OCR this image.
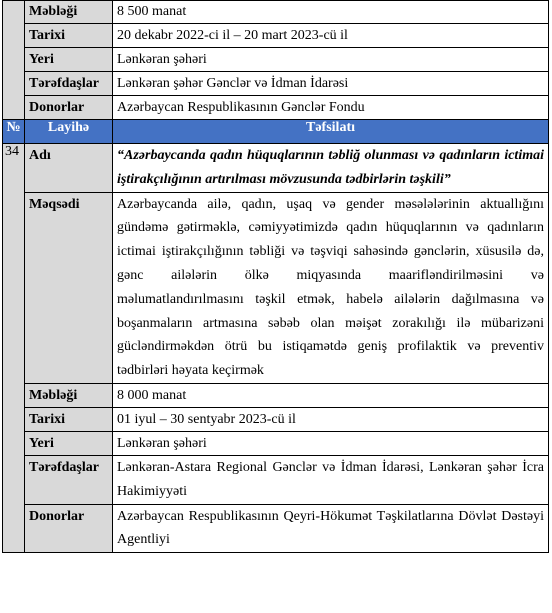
	Məbləği	8 500 manat
	Tarixi	20 dekabr 2022-ci il – 20 mart 2023-cü il
	Yeri	Lənkəran şəhəri
	Tərəfdaşlar	Lənkəran şəhər Gənclər və İdman İdarəsi
	Donorlar	Azərbaycan Respublikasının Gənclər Fondu
№	Layihə	Təfsilatı
34	Adı	“Azərbaycanda qadın hüquqlarının təbliğ olunması və qadınların ictimai iştirakçılığının artırılması mövzusunda tədbirlərin təşkili”
	Məqsədi	Azərbaycanda ailə, qadın, uşaq və gender məsələlərinin aktuallığını gündəmə gətirməklə, cəmiyyətimizdə qadın hüquqlarının və qadınların ictimai iştirakçılığının təbliği və təşviqi sahəsində gənclərin, xüsusilə də, gənc ailələrin ölkə miqyasında maarifləndirilməsini və məlumatlandırılmasını təşkil etmək, habelə ailələrin dağılmasına və boşanmaların artmasına səbəb olan məişət zorakılığı ilə mübarizəni gücləndirməkdən ötrü bu istiqamətdə geniş profilaktik və preventiv tədbirləri həyata keçirmək
	Məbləği	8 000 manat
	Tarixi	01 iyul – 30 sentyabr 2023-cü il
	Yeri	Lənkəran şəhəri
	Tərəfdaşlar	Lənkəran-Astara Regional Gənclər və İdman İdarəsi, Lənkəran şəhər İcra Hakimiyyəti
	Donorlar	Azərbaycan Respublikasının Qeyri-Hökumət Təşkilatlarına Dövlət Dəstəyi Agentliyi
